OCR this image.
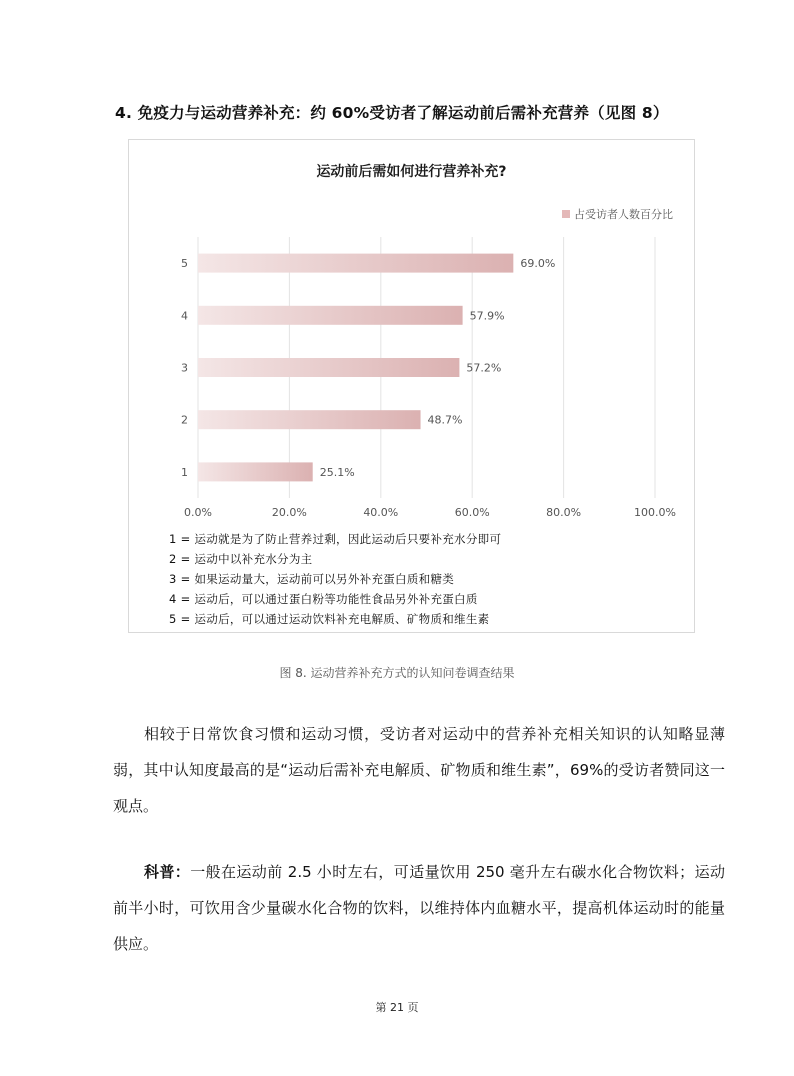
4. 免疫力与运动营养补充：约 60%受访者了解运动前后需补充营养（见图 8）
运动前后需如何进行营养补充?
占受访者人数百分比
0.0%	20.0%	40.0%	60.0%	80.0%	100.0%
1	25.1%
2	48.7%
3	57.2%
4	57.9%
5	69.0%
1 = 运动就是为了防止营养过剩，因此运动后只要补充水分即可
2 = 运动中以补充水分为主
3 = 如果运动量大，运动前可以另外补充蛋白质和糖类
4 = 运动后，可以通过蛋白粉等功能性食品另外补充蛋白质
5 = 运动后，可以通过运动饮料补充电解质、矿物质和维生素
图 8. 运动营养补充方式的认知问卷调查结果
相较于日常饮食习惯和运动习惯，受访者对运动中的营养补充相关知识的认知略显薄弱，其中认知度最高的是“运动后需补充电解质、矿物质和维生素”，69%的受访者赞同这一观点。
科普：一般在运动前 2.5 小时左右，可适量饮用 250 毫升左右碳水化合物饮料；运动前半小时，可饮用含少量碳水化合物的饮料，以维持体内血糖水平，提高机体运动时的能量供应。
第 21 页
